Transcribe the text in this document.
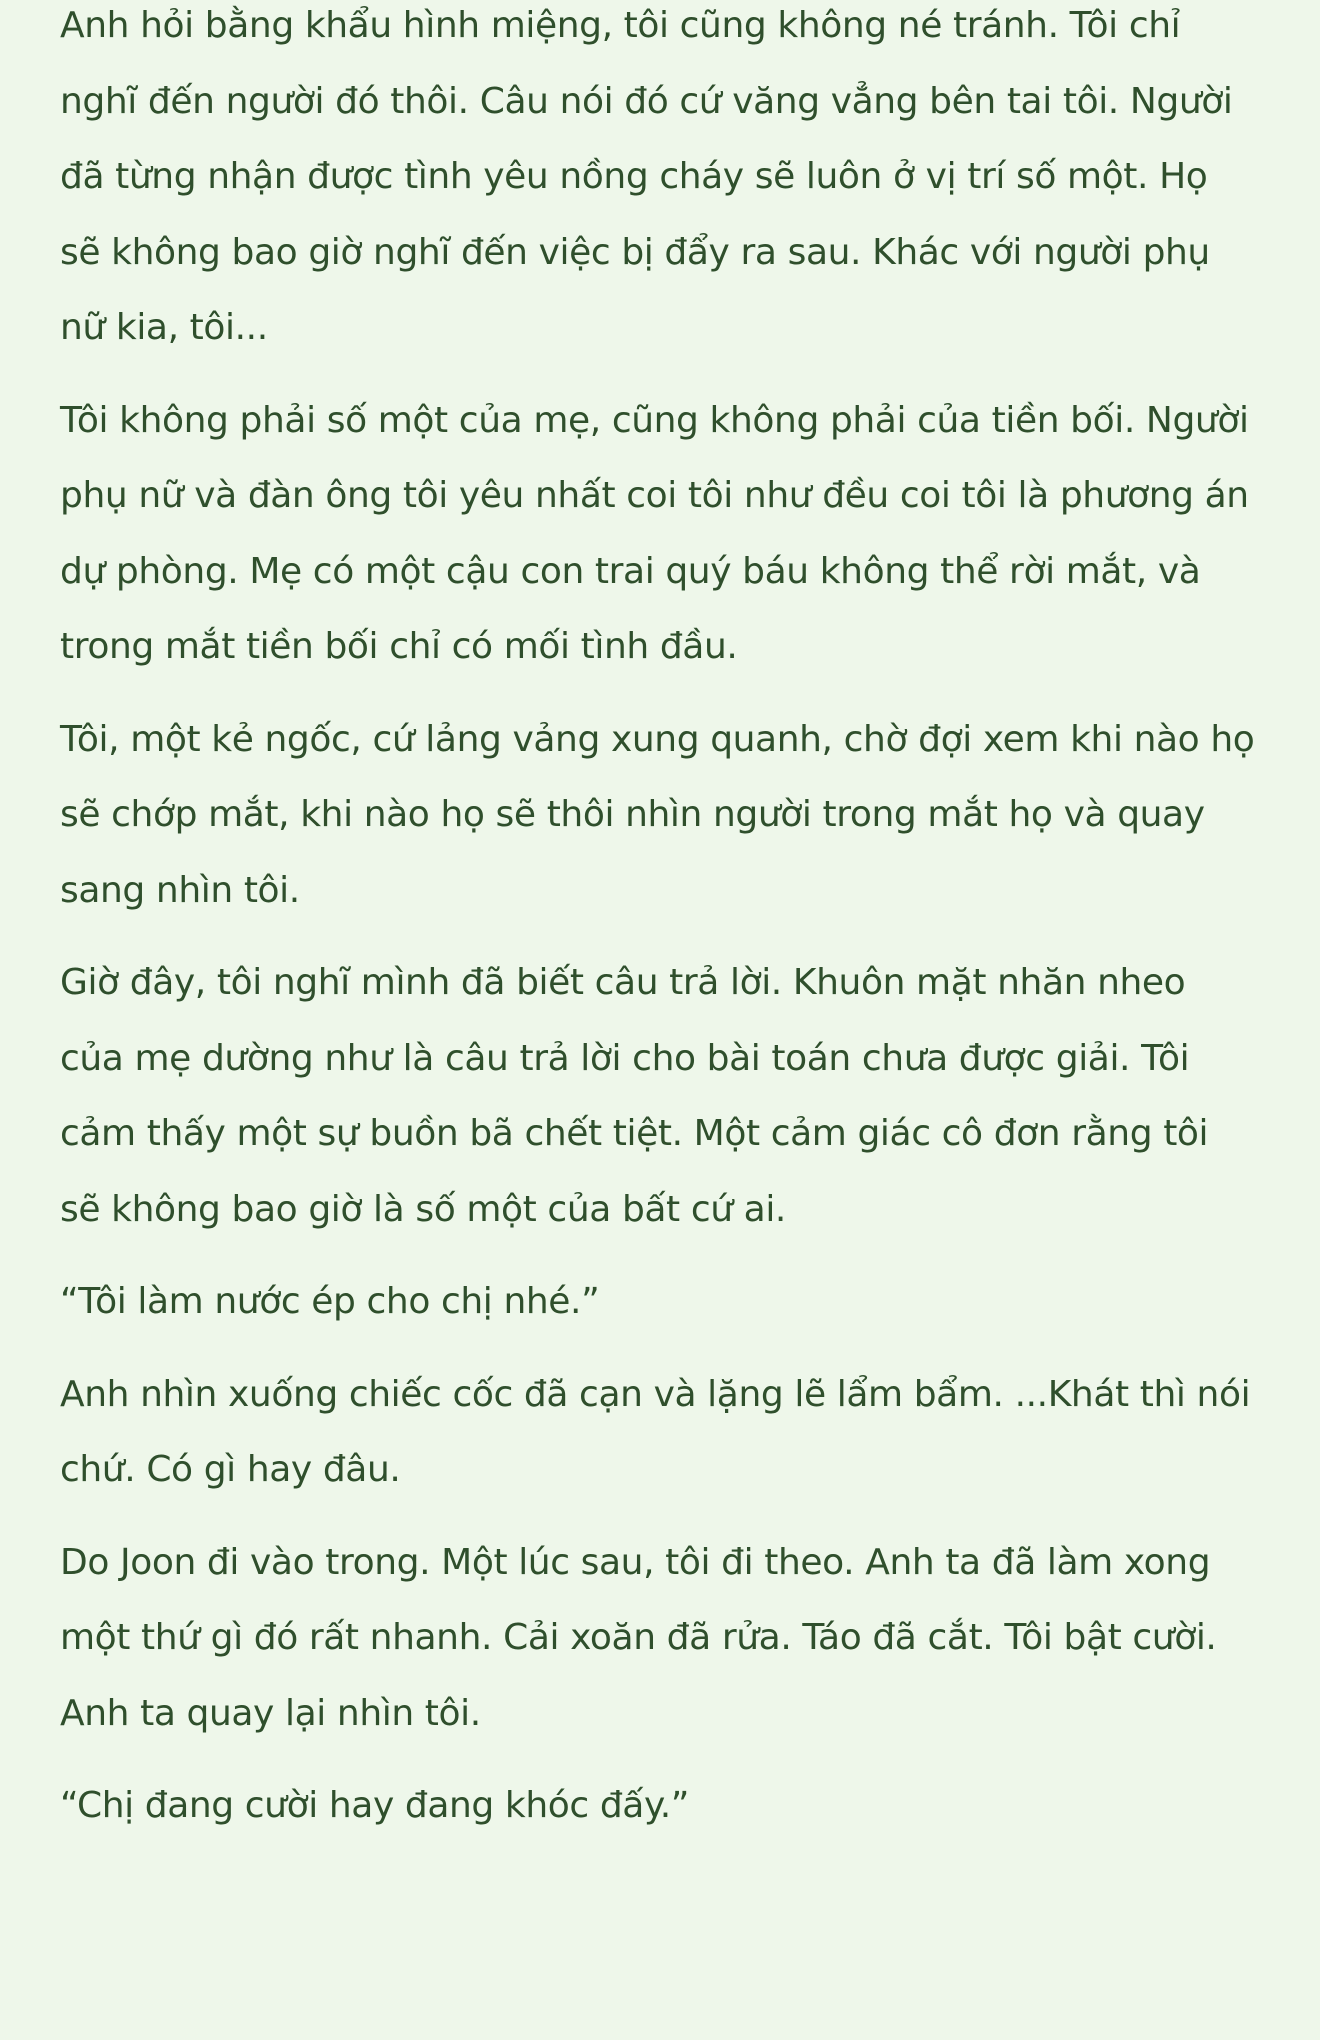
Anh hỏi bằng khẩu hình miệng, tôi cũng không né tránh. Tôi chỉ nghĩ đến người đó thôi. Câu nói đó cứ văng vẳng bên tai tôi. Người đã từng nhận được tình yêu nồng cháy sẽ luôn ở vị trí số một. Họ sẽ không bao giờ nghĩ đến việc bị đẩy ra sau. Khác với người phụ nữ kia, tôi...

Tôi không phải số một của mẹ, cũng không phải của tiền bối. Người phụ nữ và đàn ông tôi yêu nhất coi tôi như đều coi tôi là phương án dự phòng. Mẹ có một cậu con trai quý báu không thể rời mắt, và trong mắt tiền bối chỉ có mối tình đầu.

Tôi, một kẻ ngốc, cứ lảng vảng xung quanh, chờ đợi xem khi nào họ sẽ chớp mắt, khi nào họ sẽ thôi nhìn người trong mắt họ và quay sang nhìn tôi.

Giờ đây, tôi nghĩ mình đã biết câu trả lời. Khuôn mặt nhăn nheo của mẹ dường như là câu trả lời cho bài toán chưa được giải. Tôi cảm thấy một sự buồn bã chết tiệt. Một cảm giác cô đơn rằng tôi sẽ không bao giờ là số một của bất cứ ai.

“Tôi làm nước ép cho chị nhé.”

Anh nhìn xuống chiếc cốc đã cạn và lặng lẽ lẩm bẩm. ...Khát thì nói chứ. Có gì hay đâu.

Do Joon đi vào trong. Một lúc sau, tôi đi theo. Anh ta đã làm xong một thứ gì đó rất nhanh. Cải xoăn đã rửa. Táo đã cắt. Tôi bật cười. Anh ta quay lại nhìn tôi.

“Chị đang cười hay đang khóc đấy.”
